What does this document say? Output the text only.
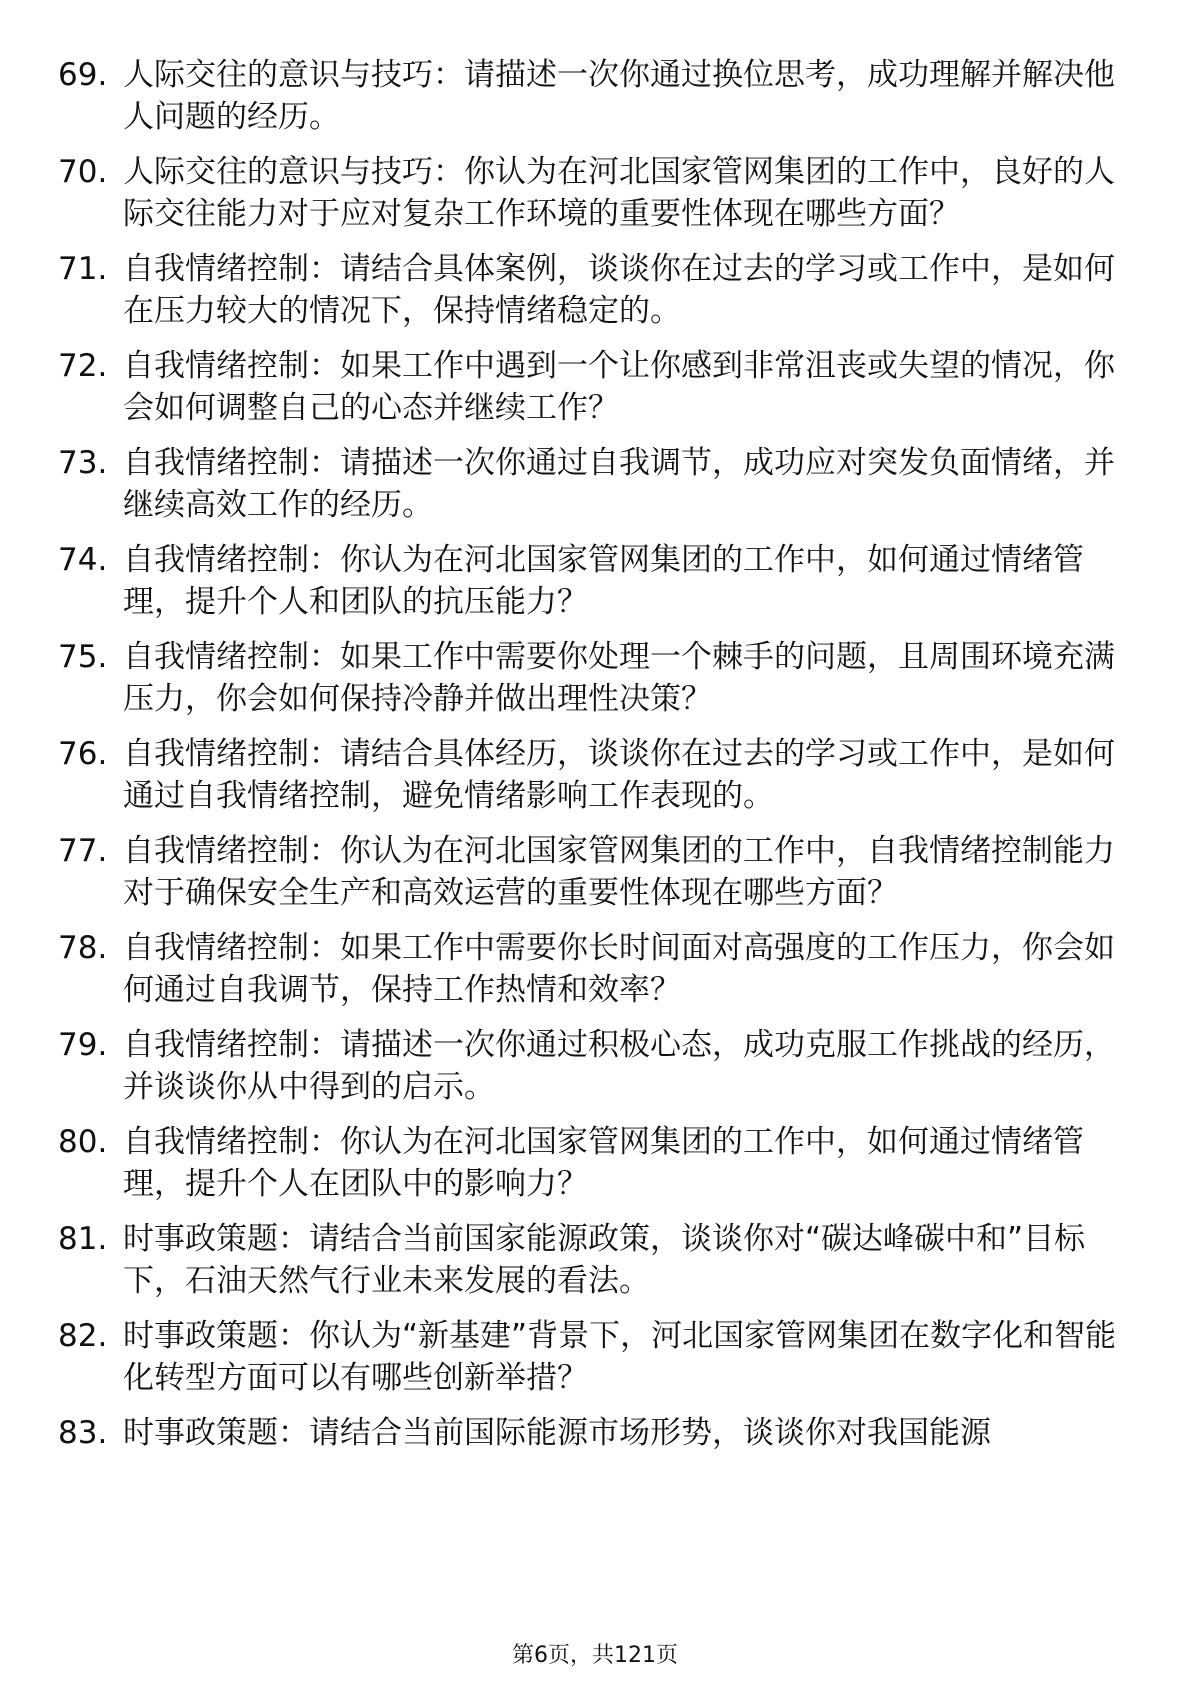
69. 人际交往的意识与技巧：请描述一次你通过换位思考，成功理解并解决他人问题的经历。
70. 人际交往的意识与技巧：你认为在河北国家管网集团的工作中，良好的人际交往能力对于应对复杂工作环境的重要性体现在哪些方面？
71. 自我情绪控制：请结合具体案例，谈谈你在过去的学习或工作中，是如何在压力较大的情况下，保持情绪稳定的。
72. 自我情绪控制：如果工作中遇到一个让你感到非常沮丧或失望的情况，你会如何调整自己的心态并继续工作？
73. 自我情绪控制：请描述一次你通过自我调节，成功应对突发负面情绪，并继续高效工作的经历。
74. 自我情绪控制：你认为在河北国家管网集团的工作中，如何通过情绪管理，提升个人和团队的抗压能力？
75. 自我情绪控制：如果工作中需要你处理一个棘手的问题，且周围环境充满压力，你会如何保持冷静并做出理性决策？
76. 自我情绪控制：请结合具体经历，谈谈你在过去的学习或工作中，是如何通过自我情绪控制，避免情绪影响工作表现的。
77. 自我情绪控制：你认为在河北国家管网集团的工作中，自我情绪控制能力对于确保安全生产和高效运营的重要性体现在哪些方面？
78. 自我情绪控制：如果工作中需要你长时间面对高强度的工作压力，你会如何通过自我调节，保持工作热情和效率？
79. 自我情绪控制：请描述一次你通过积极心态，成功克服工作挑战的经历，并谈谈你从中得到的启示。
80. 自我情绪控制：你认为在河北国家管网集团的工作中，如何通过情绪管理，提升个人在团队中的影响力？
81. 时事政策题：请结合当前国家能源政策，谈谈你对“碳达峰碳中和”目标下，石油天然气行业未来发展的看法。
82. 时事政策题：你认为“新基建”背景下，河北国家管网集团在数字化和智能化转型方面可以有哪些创新举措？
83. 时事政策题：请结合当前国际能源市场形势，谈谈你对我国能源
第6页，共121页
